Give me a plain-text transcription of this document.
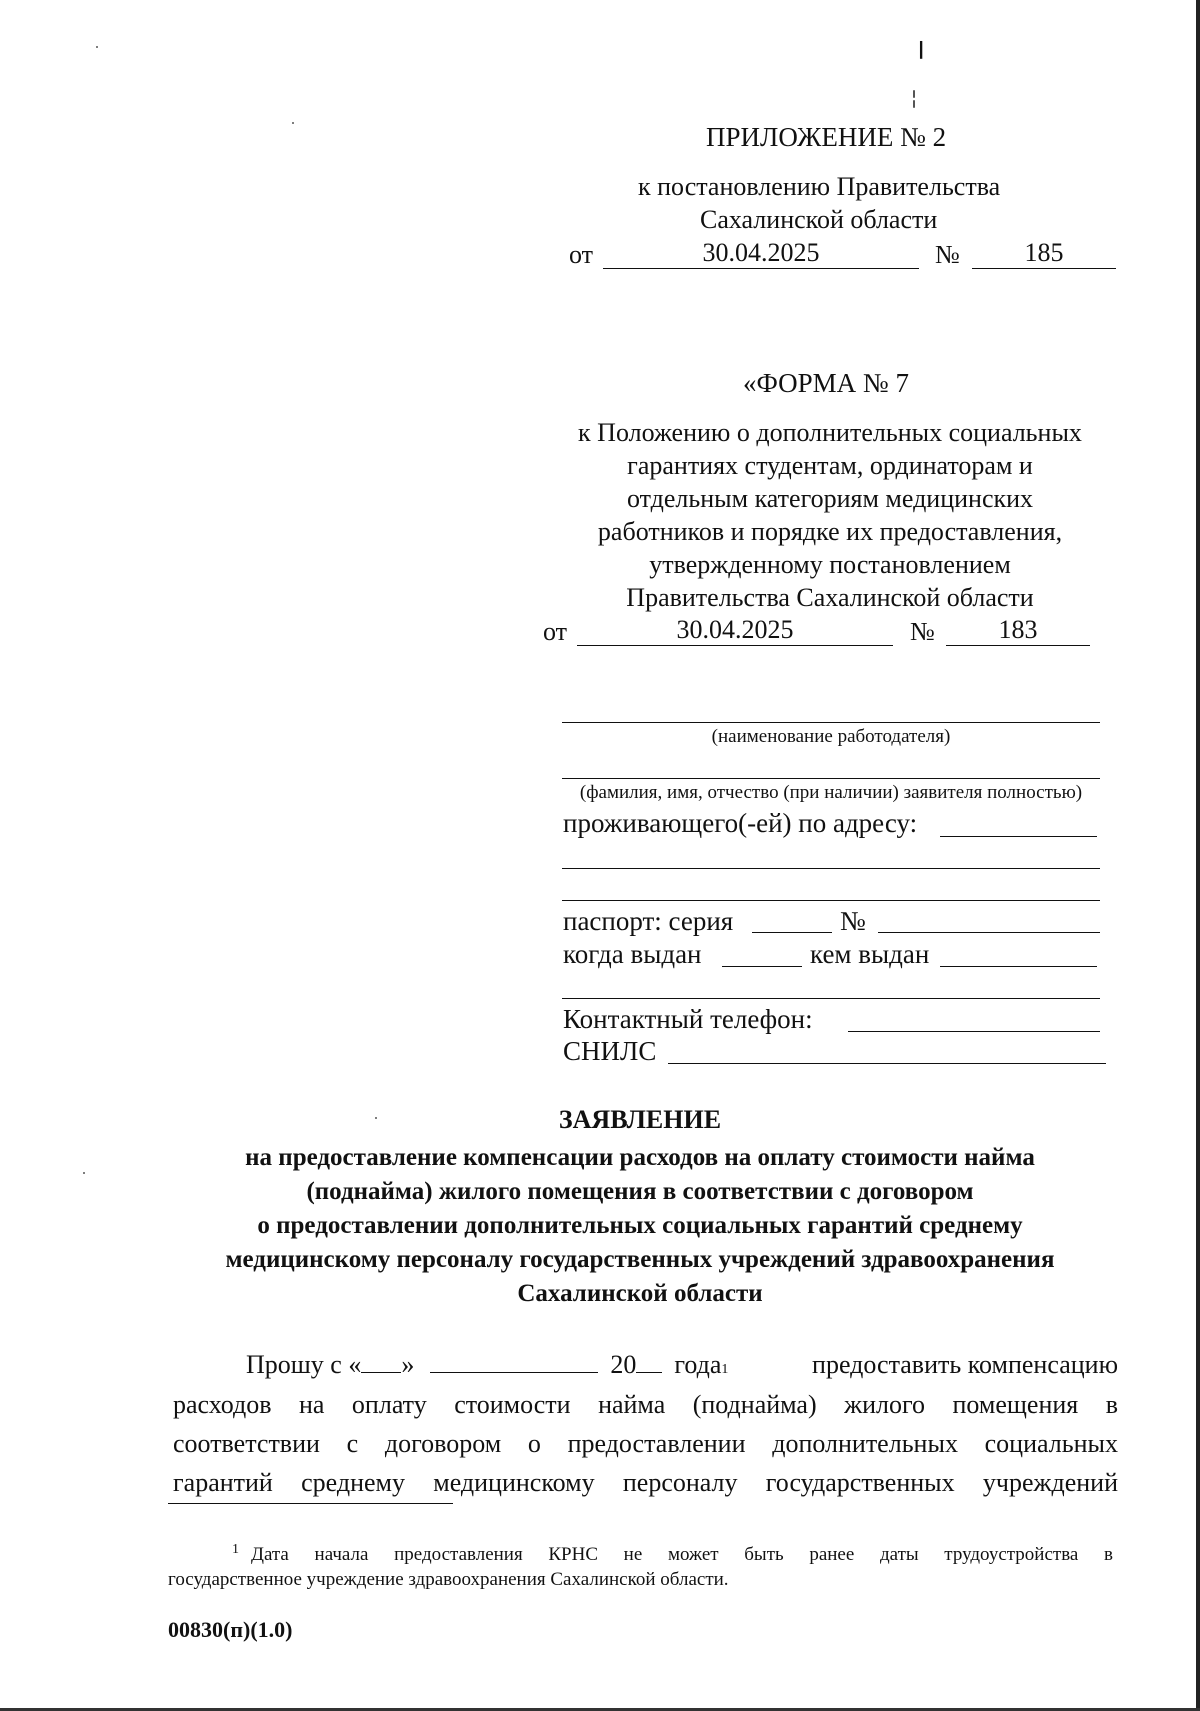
╵
ПРИЛОЖЕНИЕ № 2
к постановлению Правительства
Сахалинской области
от	30.04.2025	№	185
«ФОРМА № 7
к Положению о дополнительных социальных
гарантиях студентам, ординаторам и
отдельным категориям медицинских
работников и порядке их предоставления,
утвержденному постановлением
Правительства Сахалинской области
от	30.04.2025	№	183
(наименование работодателя)
(фамилия, имя, отчество (при наличии) заявителя полностью)
проживающего(-ей) по адресу:
паспорт: серия	№
когда выдан	кем выдан
Контактный телефон:
СНИЛС
ЗАЯВЛЕНИЕ
на предоставление компенсации расходов на оплату стоимости найма
(поднайма) жилого помещения в соответствии с договором
о предоставлении дополнительных социальных гарантий среднему
медицинскому персоналу государственных учреждений здравоохранения
Сахалинской области
Прошу с « »	20 года 1	предоставить компенсацию
расходов на оплату стоимости найма (поднайма) жилого помещения в
соответствии с договором о предоставлении дополнительных социальных
гарантий среднему медицинскому персоналу государственных учреждений
$^1$ Дата начала предоставления КРНС не может быть ранее даты трудоустройства в
государственное учреждение здравоохранения Сахалинской области.
00830(п)(1.0)
